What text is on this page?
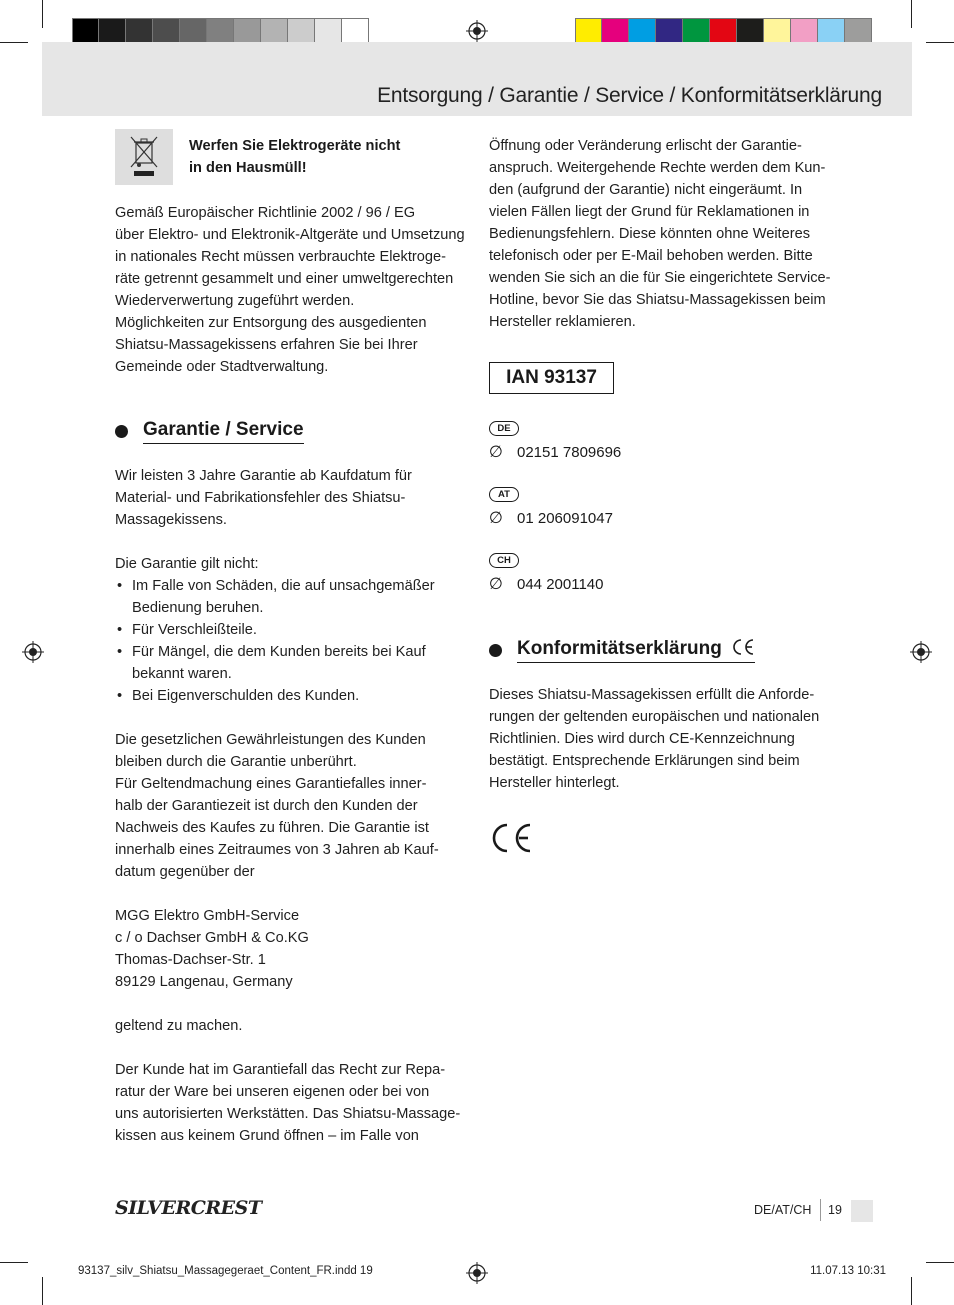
Entsorgung / Garantie / Service / Konformitätserklärung
Werfen Sie Elektrogeräte nicht
in den Hausmüll!
Gemäß Europäischer Richtlinie 2002 / 96 / EG
über Elektro- und Elektronik-Altgeräte und Umsetzung
in nationales Recht müssen verbrauchte Elektroge-
räte getrennt gesammelt und einer umweltgerechten
Wiederverwertung zugeführt werden.
Möglichkeiten zur Entsorgung des ausgedienten
Shiatsu-Massagekissens erfahren Sie bei Ihrer
Gemeinde oder Stadtverwaltung.
Garantie / Service
Wir leisten 3 Jahre Garantie ab Kaufdatum für
Material- und Fabrikationsfehler des Shiatsu-
Massagekissens.
Die Garantie gilt nicht:
• Im Falle von Schäden, die auf unsachgemäßer
Bedienung beruhen.
• Für Verschleißteile.
• Für Mängel, die dem Kunden bereits bei Kauf
bekannt waren.
• Bei Eigenverschulden des Kunden.
Die gesetzlichen Gewährleistungen des Kunden
bleiben durch die Garantie unberührt.
Für Geltendmachung eines Garantiefalles inner-
halb der Garantiezeit ist durch den Kunden der
Nachweis des Kaufes zu führen. Die Garantie ist
innerhalb eines Zeitraumes von 3 Jahren ab Kauf-
datum gegenüber der
MGG Elektro GmbH-Service
c / o Dachser GmbH & Co.KG
Thomas-Dachser-Str. 1
89129 Langenau, Germany
geltend zu machen.
Der Kunde hat im Garantiefall das Recht zur Repa-
ratur der Ware bei unseren eigenen oder bei von
uns autorisierten Werkstätten. Das Shiatsu-Massage-
kissen aus keinem Grund öffnen – im Falle von
Öffnung oder Veränderung erlischt der Garantie-
anspruch. Weitergehende Rechte werden dem Kun-
den (aufgrund der Garantie) nicht eingeräumt. In
vielen Fällen liegt der Grund für Reklamationen in
Bedienungsfehlern. Diese könnten ohne Weiteres
telefonisch oder per E-Mail behoben werden. Bitte
wenden Sie sich an die für Sie eingerichtete Service-
Hotline, bevor Sie das Shiatsu-Massagekissen beim
Hersteller reklamieren.
IAN 93137
DE
∅ 02151 7809696
AT
∅ 01 206091047
CH
∅ 044 2001140
Konformitätserklärung
Dieses Shiatsu-Massagekissen erfüllt die Anforde-
rungen der geltenden europäischen und nationalen
Richtlinien. Dies wird durch CE-Kennzeichnung
bestätigt. Entsprechende Erklärungen sind beim
Hersteller hinterlegt.
SILVERCREST	DE/AT/CH 19
93137_silv_Shiatsu_Massagegeraet_Content_FR.indd 19	11.07.13 10:31
